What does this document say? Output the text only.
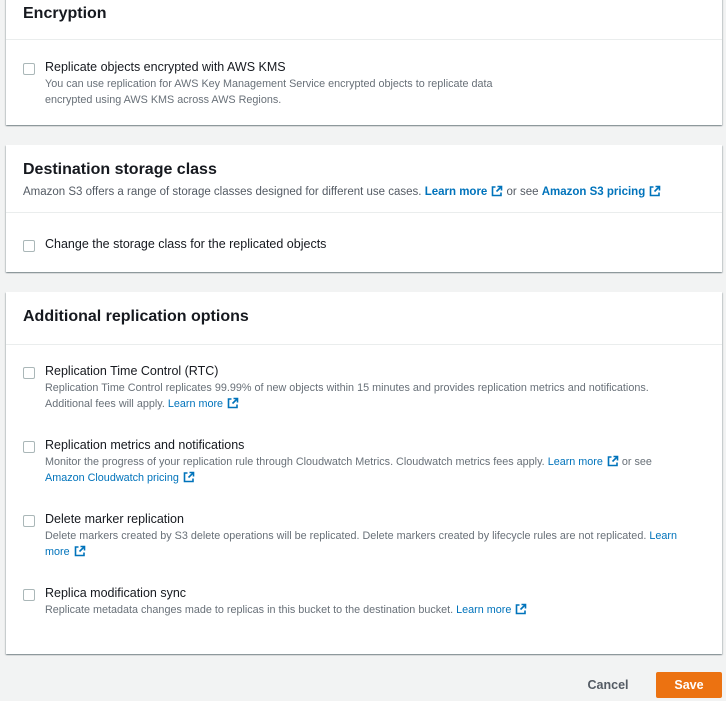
Encryption
Replicate objects encrypted with AWS KMS
You can use replication for AWS Key Management Service encrypted objects to replicate data
encrypted using AWS KMS across AWS Regions.
Destination storage class
Amazon S3 offers a range of storage classes designed for different use cases. Learn more or see Amazon S3 pricing
Change the storage class for the replicated objects
Additional replication options
Replication Time Control (RTC)
Replication Time Control replicates 99.99% of new objects within 15 minutes and provides replication metrics and notifications.
Additional fees will apply. Learn more
Replication metrics and notifications
Monitor the progress of your replication rule through Cloudwatch Metrics. Cloudwatch metrics fees apply. Learn more or see
Amazon Cloudwatch pricing
Delete marker replication
Delete markers created by S3 delete operations will be replicated. Delete markers created by lifecycle rules are not replicated. Learn
more
Replica modification sync
Replicate metadata changes made to replicas in this bucket to the destination bucket. Learn more
Cancel	Save
